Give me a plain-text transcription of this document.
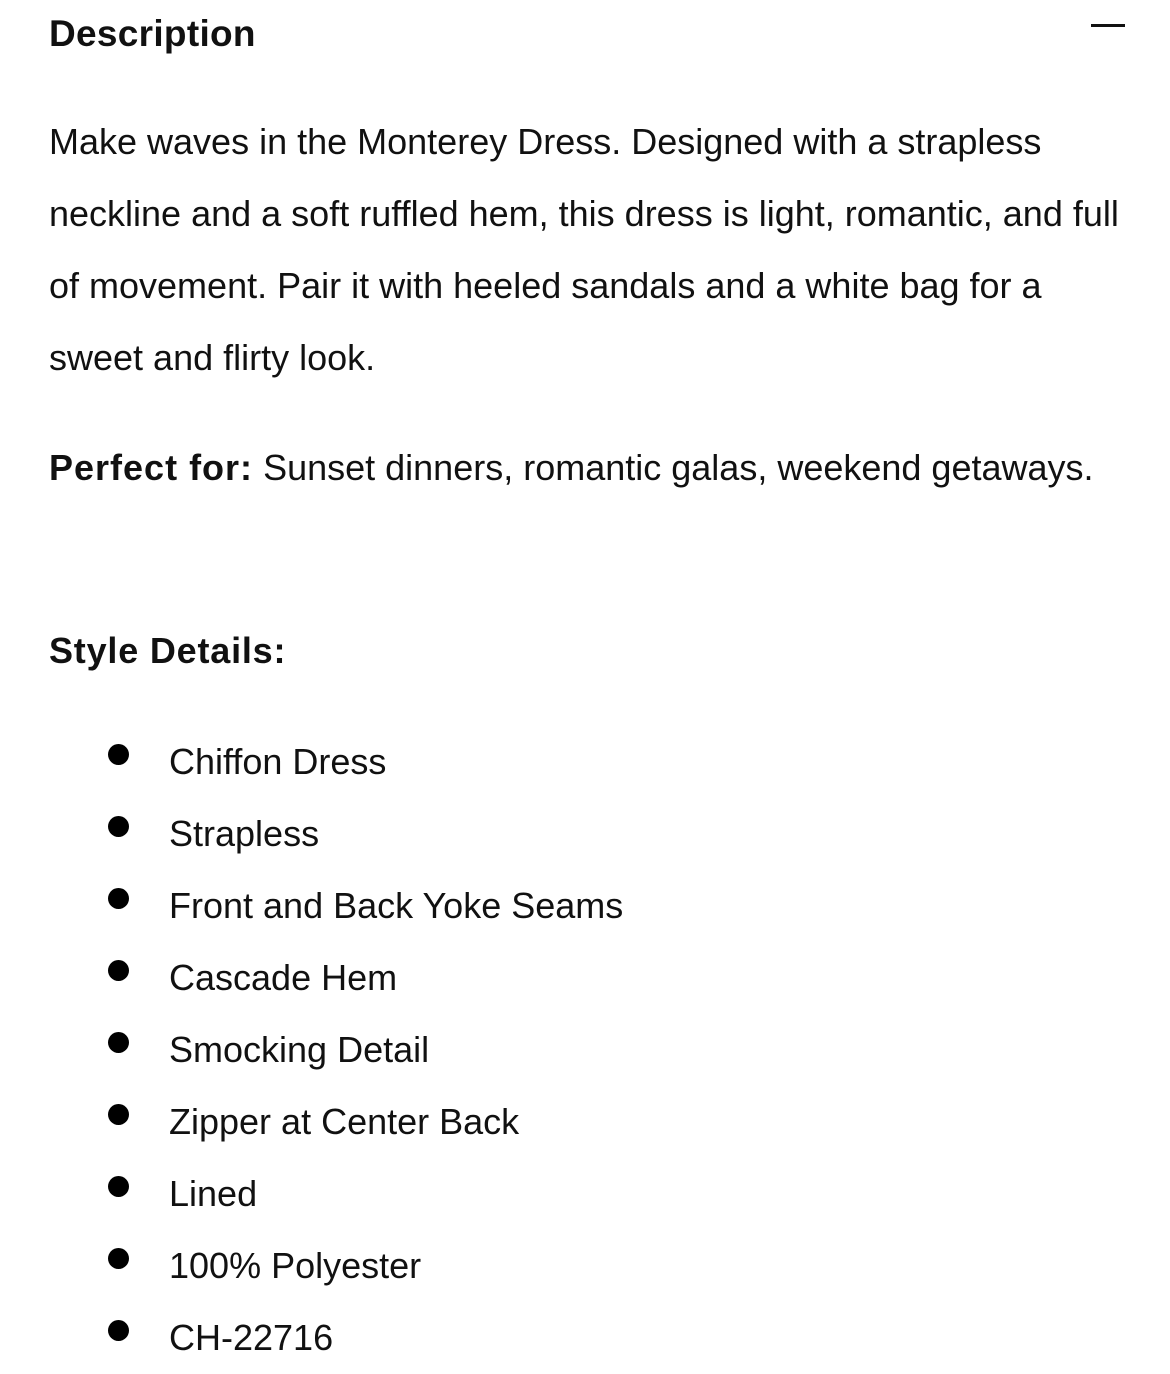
Description

Make waves in the Monterey Dress. Designed with a strapless neckline and a soft ruffled hem, this dress is light, romantic, and full of movement. Pair it with heeled sandals and a white bag for a sweet and flirty look.

Perfect for: Sunset dinners, romantic galas, weekend getaways.

Style Details:
Chiffon Dress
Strapless
Front and Back Yoke Seams
Cascade Hem
Smocking Detail
Zipper at Center Back
Lined
100% Polyester
CH-22716
